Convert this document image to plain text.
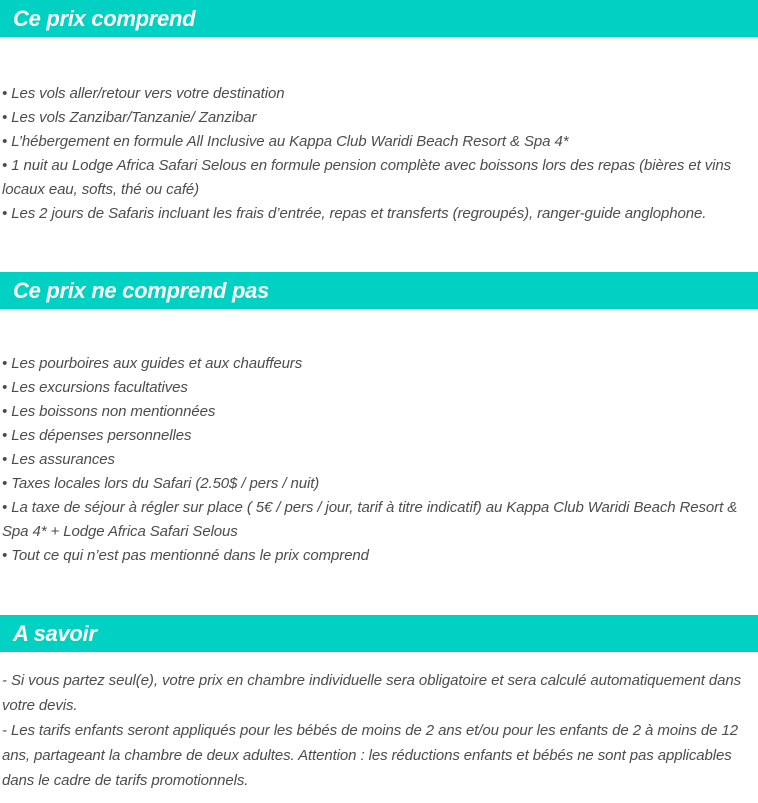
Ce prix comprend
• Les vols aller/retour vers votre destination
• Les vols Zanzibar/Tanzanie/ Zanzibar
• L’hébergement en formule All Inclusive au Kappa Club Waridi Beach Resort & Spa 4*
• 1 nuit au Lodge Africa Safari Selous en formule pension complète avec boissons lors des repas (bières et vins locaux eau, softs, thé ou café)
• Les 2 jours de Safaris incluant les frais d’entrée, repas et transferts (regroupés), ranger-guide anglophone.
Ce prix ne comprend pas
• Les pourboires aux guides et aux chauffeurs
• Les excursions facultatives
• Les boissons non mentionnées
• Les dépenses personnelles
• Les assurances
• Taxes locales lors du Safari (2.50$ / pers / nuit)
• La taxe de séjour à régler sur place ( 5€ / pers / jour, tarif à titre indicatif) au Kappa Club Waridi Beach Resort & Spa 4* + Lodge Africa Safari Selous
• Tout ce qui n’est pas mentionné dans le prix comprend
A savoir

- Si vous partez seul(e), votre prix en chambre individuelle sera obligatoire et sera calculé automatiquement dans votre devis.

- Les tarifs enfants seront appliqués pour les bébés de moins de 2 ans et/ou pour les enfants de 2 à moins de 12 ans, partageant la chambre de deux adultes. Attention : les réductions enfants et bébés ne sont pas applicables dans le cadre de tarifs promotionnels.
